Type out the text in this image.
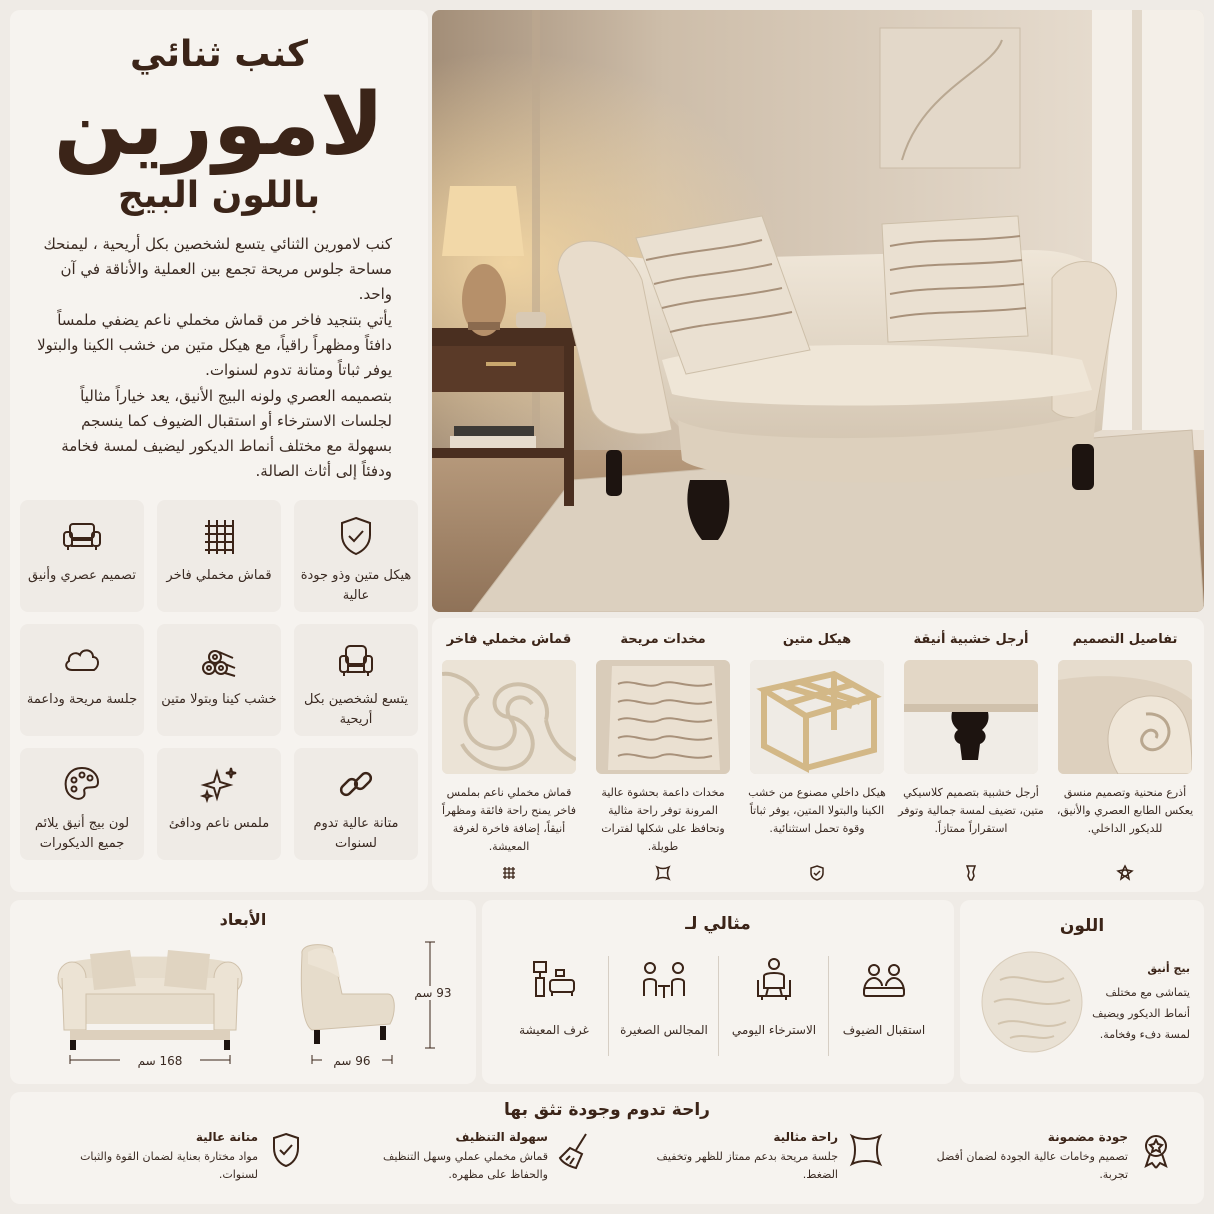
كنب ثنائي
لامورين
باللون البيج

كنب لامورين الثنائي يتسع لشخصين بكل أريحية ، ليمنحك مساحة جلوس مريحة تجمع بين العملية والأناقة في آن واحد.

يأتي بتنجيد فاخر من قماش مخملي ناعم يضفي ملمساً دافئاً ومظهراً راقياً، مع هيكل متين من خشب الكينا والبتولا يوفر ثباتاً ومتانة تدوم لسنوات.

بتصميمه العصري ولونه البيج الأنيق، يعد خياراً مثالياً لجلسات الاسترخاء أو استقبال الضيوف كما ينسجم بسهولة مع مختلف أنماط الديكور ليضيف لمسة فخامة ودفئاً إلى أثاث الصالة.

هيكل متين وذو جودة عالية
قماش مخملي فاخر
تصميم عصري وأنيق
يتسع لشخصين بكل أريحية
خشب كينا وبتولا متين
جلسة مريحة وداعمة
متانة عالية تدوم لسنوات
ملمس ناعم ودافئ
لون بيج أنيق يلائم جميع الديكورات
تفاصيل التصميم
أذرع منحنية وتصميم منسق يعكس الطابع العصري والأنيق، للديكور الداخلي.
أرجل خشبية أنيقة
أرجل خشبية بتصميم كلاسيكي متين، تضيف لمسة جمالية وتوفر استقراراً ممتازاً.
هيكل متين
هيكل داخلي مصنوع من خشب الكينا والبتولا المتين، يوفر ثباتاً وقوة تحمل استثنائية.
مخدات مريحة
مخدات داعمة بحشوة عالية المرونة توفر راحة مثالية وتحافظ على شكلها لفترات طويلة.
قماش مخملي فاخر
قماش مخملي ناعم بملمس فاخر يمنح راحة فائقة ومظهراً أنيقاً، إضافة فاخرة لغرفة المعيشة.
الأبعاد
168 سم	96 سم
93 سم
مثالي لـ
استقبال الضيوف
الاسترخاء اليومي
المجالس الصغيرة
غرف المعيشة
اللون
بيج أنيق
يتماشى مع مختلف أنماط الديكور ويضيف لمسة دفء وفخامة.
راحة تدوم وجودة تثق بها
جودة مضمونة
تصميم وخامات عالية الجودة لضمان أفضل تجربة.
راحة مثالية
جلسة مريحة بدعم ممتاز للظهر وتخفيف الضغط.
سهولة التنظيف
قماش مخملي عملي وسهل التنظيف والحفاظ على مظهره.
متانة عالية
مواد مختارة بعناية لضمان القوة والثبات لسنوات.
